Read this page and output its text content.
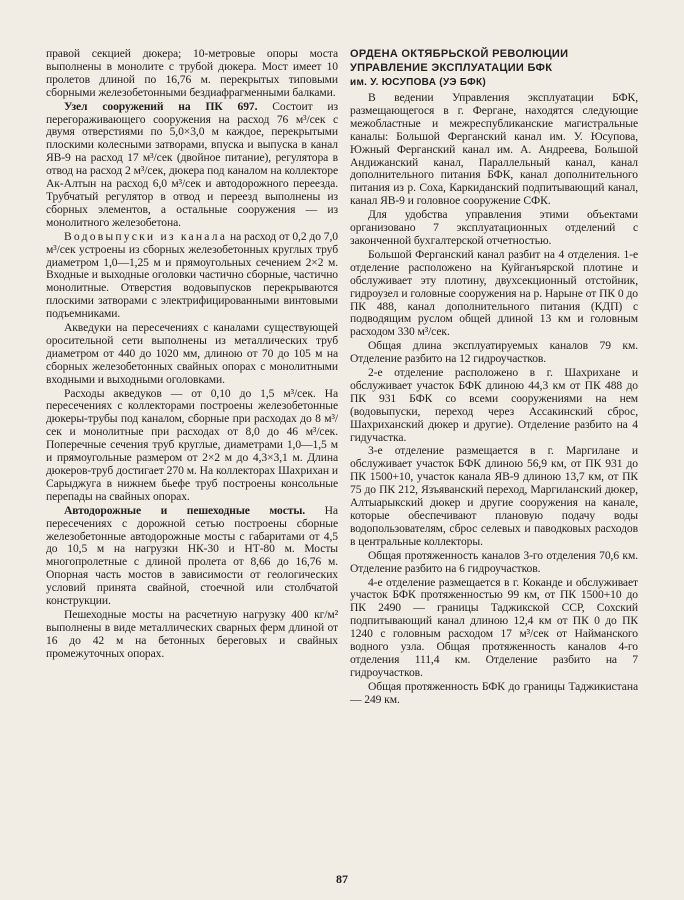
правой секцией дюкера; 10-метровые опоры моста выполнены в монолите с трубой дюкера. Мост имеет 10 пролетов длиной по 16,76 м. перекрытых типовыми сборными железобетонными бездиафрагменными балками.

Узел сооружений на ПК 697. Состоит из перегораживающего сооружения на расход 76 м³/сек с двумя отверстиями по 5,0×3,0 м каждое, перекрытыми плоскими колесными затворами, впуска и выпуска в канал ЯВ-9 на расход 17 м³/сек (двойное питание), регулятора в отвод на расход 2 м³/сек, дюкера под каналом на коллекторе Ак-Алтын на расход 6,0 м³/сек и автодорожного переезда. Трубчатый регулятор в отвод и переезд выполнены из сборных элементов, а остальные сооружения — из монолитного железобетона.

Водовыпуски из канала на расход от 0,2 до 7,0 м³/сек устроены из сборных железобетонных круглых труб диаметром 1,0—1,25 м и прямоугольных сечением 2×2 м. Входные и выходные оголовки частично сборные, частично монолитные. Отверстия водовыпусков перекрываются плоскими затворами с электрифицированными винтовыми подъемниками.

Акведуки на пересечениях с каналами существующей оросительной сети выполнены из металлических труб диаметром от 440 до 1020 мм, длиною от 70 до 105 м на сборных железобетонных свайных опорах с монолитными входными и выходными оголовками.

Расходы акведуков — от 0,10 до 1,5 м³/сек. На пересечениях с коллекторами построены железобетонные дюкеры-трубы под каналом, сборные при расходах до 8 м³/сек и монолитные при расходах от 8,0 до 46 м³/сек. Поперечные сечения труб круглые, диаметрами 1,0—1,5 м и прямоугольные размером от 2×2 м до 4,3×3,1 м. Длина дюкеров-труб достигает 270 м. На коллекторах Шахрихан и Сарыджуга в нижнем бьефе труб построены консольные перепады на свайных опорах.

Автодорожные и пешеходные мосты. На пересечениях с дорожной сетью построены сборные железобетонные автодорожные мосты с габаритами от 4,5 до 10,5 м на нагрузки НК-30 и НТ-80 м. Мосты многопролетные с длиной пролета от 8,66 до 16,76 м. Опорная часть мостов в зависимости от геологических условий принята свайной, стоечной или столбчатой конструкции.

Пешеходные мосты на расчетную нагрузку 400 кг/м² выполнены в виде металлических сварных ферм длиной от 16 до 42 м на бетонных береговых и свайных промежуточных опорах.

ОРДЕНА ОКТЯБРЬСКОЙ РЕВОЛЮЦИИ

УПРАВЛЕНИЕ ЭКСПЛУАТАЦИИ БФК

им. У. ЮСУПОВА (УЭ БФК)

В ведении Управления эксплуатации БФК, размещающегося в г. Фергане, находятся следующие межобластные и межреспубликанские магистральные каналы: Большой Ферганский канал им. У. Юсупова, Южный Ферганский канал им. А. Андреева, Большой Андижанский канал, Параллельный канал, канал дополнительного питания БФК, канал дополнительного питания из р. Соха, Каркиданский подпитывающий канал, канал ЯВ-9 и головное сооружение СФК.

Для удобства управления этими объектами организовано 7 эксплуатационных отделений с законченной бухгалтерской отчетностью.

Большой Ферганский канал разбит на 4 отделения. 1-е отделение расположено на Куйганъярской плотине и обслуживает эту плотину, двухсекционный отстойник, гидроузел и головные сооружения на р. Нарыне от ПК 0 до ПК 488, канал дополнительного питания (КДП) с подводящим руслом общей длиной 13 км и головным расходом 330 м³/сек.

Общая длина эксплуатируемых каналов 79 км. Отделение разбито на 12 гидроучастков.

2-е отделение расположено в г. Шахрихане и обслуживает участок БФК длиною 44,3 км от ПК 488 до ПК 931 БФК со всеми сооружениями на нем (водовыпуски, переход через Ассакинский сброс, Шахриханский дюкер и другие). Отделение разбито на 4 гидучастка.

3-е отделение размещается в г. Маргилане и обслуживает участок БФК длиною 56,9 км, от ПК 931 до ПК 1500+10, участок канала ЯВ-9 длиною 13,7 км, от ПК 75 до ПК 212, Язъяванский переход, Маргиланский дюкер, Алтыарыкский дюкер и другие сооружения на канале, которые обеспечивают плановую подачу воды водопользователям, сброс селевых и паводковых расходов в центральные коллекторы.

Общая протяженность каналов 3-го отделения 70,6 км. Отделение разбито на 6 гидроучастков.

4-е отделение размещается в г. Коканде и обслуживает участок БФК протяженностью 99 км, от ПК 1500+10 до ПК 2490 — границы Таджикской ССР, Сохский подпитывающий канал длиною 12,4 км от ПК 0 до ПК 1240 с головным расходом 17 м³/сек от Найманского водного узла. Общая протяженность каналов 4-го отделения 111,4 км. Отделение разбито на 7 гидроучастков.

Общая протяженность БФК до границы Таджикистана — 249 км.

87
